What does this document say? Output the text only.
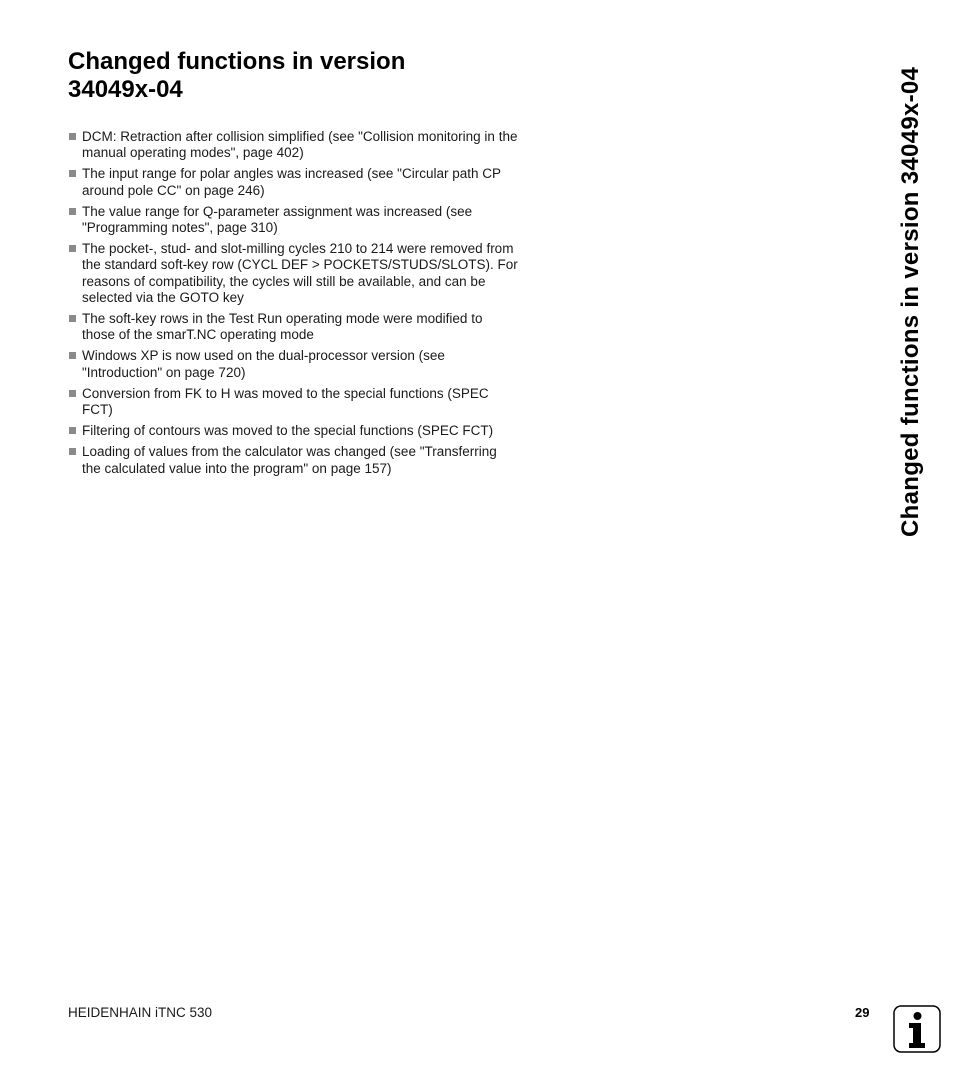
Changed functions in version
34049x-04
DCM: Retraction after collision simplified (see "Collision monitoring in the manual operating modes", page 402)
The input range for polar angles was increased (see "Circular path CP around pole CC" on page 246)
The value range for Q-parameter assignment was increased (see "Programming notes", page 310)
The pocket-, stud- and slot-milling cycles 210 to 214 were removed from the standard soft-key row (CYCL DEF > POCKETS/STUDS/SLOTS). For reasons of compatibility, the cycles will still be available, and can be selected via the GOTO key
The soft-key rows in the Test Run operating mode were modified to those of the smarT.NC operating mode
Windows XP is now used on the dual-processor version (see "Introduction" on page 720)
Conversion from FK to H was moved to the special functions (SPEC FCT)
Filtering of contours was moved to the special functions (SPEC FCT)
Loading of values from the calculator was changed (see "Transferring the calculated value into the program" on page 157)	Changed functions in version 34049x-04
HEIDENHAIN iTNC 530	29
